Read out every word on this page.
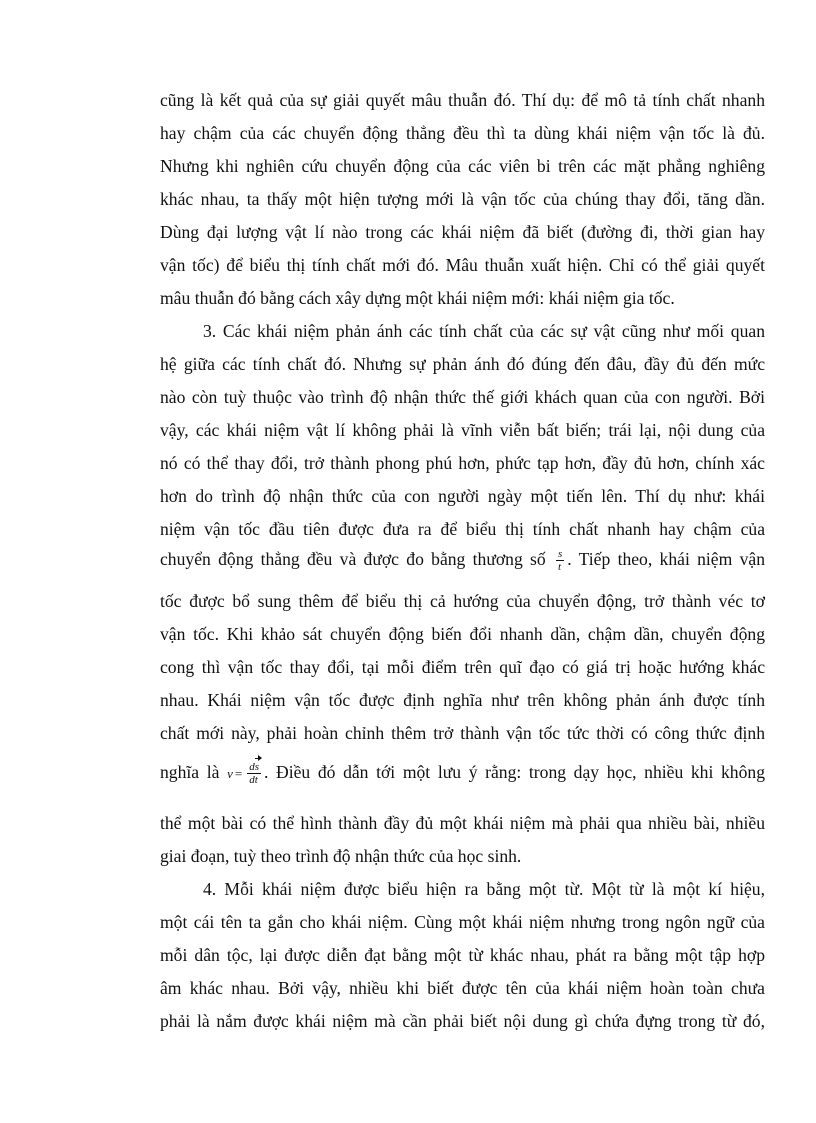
cũng là kết quả của sự giải quyết mâu thuẫn đó. Thí dụ: để mô tả tính chất nhanh
hay chậm của các chuyển động thẳng đều thì ta dùng khái niệm vận tốc là đủ.
Nhưng khi nghiên cứu chuyển động của các viên bi trên các mặt phẳng nghiêng
khác nhau, ta thấy một hiện tượng mới là vận tốc của chúng thay đổi, tăng dần.
Dùng đại lượng vật lí nào trong các khái niệm đã biết (đường đi, thời gian hay
vận tốc) để biểu thị tính chất mới đó. Mâu thuẫn xuất hiện. Chỉ có thể giải quyết
mâu thuẫn đó bằng cách xây dựng một khái niệm mới: khái niệm gia tốc.
3. Các khái niệm phản ánh các tính chất của các sự vật cũng như mối quan
hệ giữa các tính chất đó. Nhưng sự phản ánh đó đúng đến đâu, đầy đủ đến mức
nào còn tuỳ thuộc vào trình độ nhận thức thế giới khách quan của con người. Bởi
vậy, các khái niệm vật lí không phải là vĩnh viễn bất biến; trái lại, nội dung của
nó có thể thay đổi, trở thành phong phú hơn, phức tạp hơn, đầy đủ hơn, chính xác
hơn do trình độ nhận thức của con người ngày một tiến lên. Thí dụ như: khái
niệm vận tốc đầu tiên được đưa ra để biểu thị tính chất nhanh hay chậm của
chuyển động thẳng đều và được đo bằng thương số $\frac{s}{t}$ . Tiếp theo, khái niệm vận
tốc được bổ sung thêm để biểu thị cả hướng của chuyển động, trở thành véc tơ
vận tốc. Khi khảo sát chuyển động biến đổi nhanh dần, chậm dần, chuyển động
cong thì vận tốc thay đổi, tại mỗi điểm trên quĩ đạo có giá trị hoặc hướng khác
nhau. Khái niệm vận tốc được định nghĩa như trên không phản ánh được tính
chất mới này, phải hoàn chỉnh thêm trở thành vận tốc tức thời có công thức định
nghĩa là $v = \frac{ds}{dt}$ . Điều đó dẫn tới một lưu ý rằng: trong dạy học, nhiều khi không
thể một bài có thể hình thành đầy đủ một khái niệm mà phải qua nhiều bài, nhiều
giai đoạn, tuỳ theo trình độ nhận thức của học sinh.
4. Mỗi khái niệm được biểu hiện ra bằng một từ. Một từ là một kí hiệu,
một cái tên ta gắn cho khái niệm. Cùng một khái niệm nhưng trong ngôn ngữ của
mỗi dân tộc, lại được diễn đạt bằng một từ khác nhau, phát ra bằng một tập hợp
âm khác nhau. Bởi vậy, nhiều khi biết được tên của khái niệm hoàn toàn chưa
phải là nắm được khái niệm mà cần phải biết nội dung gì chứa đựng trong từ đó,
